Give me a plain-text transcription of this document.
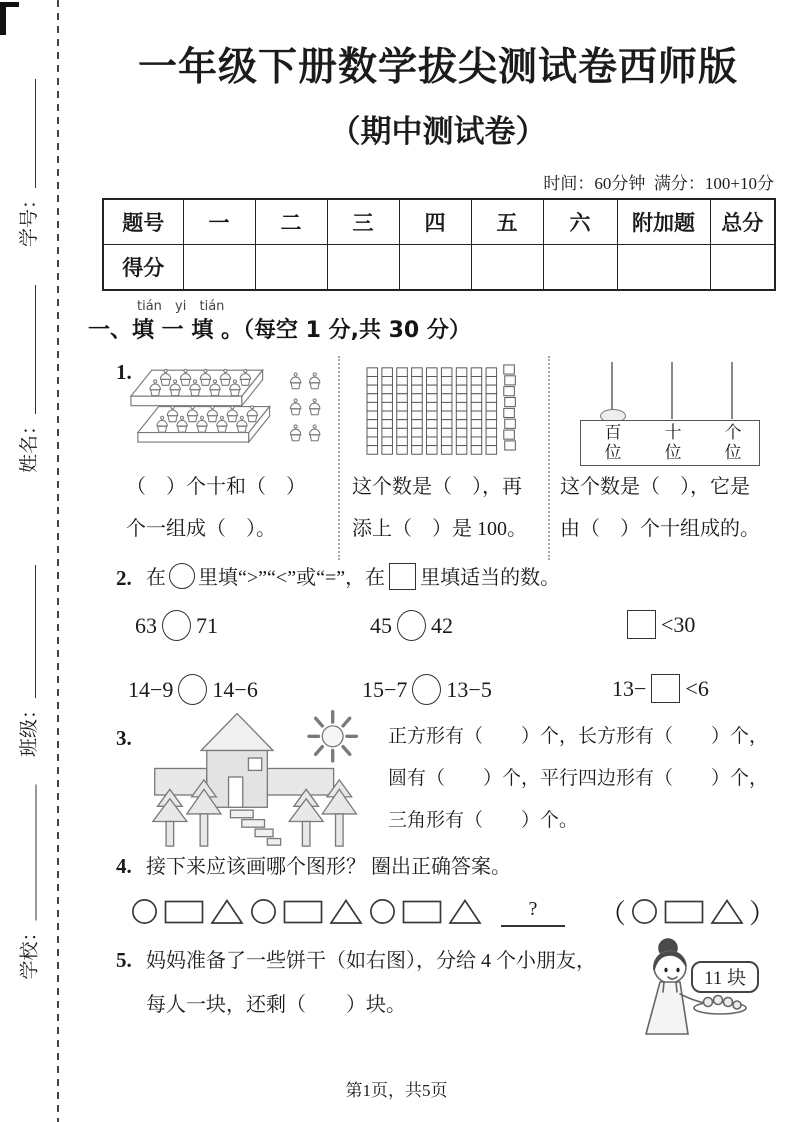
学号：
姓名：
班级：
学校：
一年级下册数学拔尖测试卷西师版
（期中测试卷）
时间：60分钟  满分：100+10分
题号	一	二	三	四	五	六	附加题	总分
得分								
tián yi tián
一、填 一 填 。（每空 1 分,共 30 分）
1.
百位
十位
个位
（　）个十和（　）个一组成（　）。
这个数是（　），再添上（　）是 100。
这个数是（　），它是由（　）个十组成的。
2. 在 里填“>”“<”或“=”，在 里填适当的数。
63 71	45 42	<30
14−9 14−6	15−7 13−5	13− <6
3.	正方形有（　　）个，长方形有（　　）个，
圆有（　　）个，平行四边形有（　　）个，
三角形有（　　）个。
4. 接下来应该画哪个图形？ 圈出正确答案。
?	（	）
5. 妈妈准备了一些饼干（如右图），分给 4 个小朋友，
每人一块，还剩（　　）块。
11 块
第1页，共5页
